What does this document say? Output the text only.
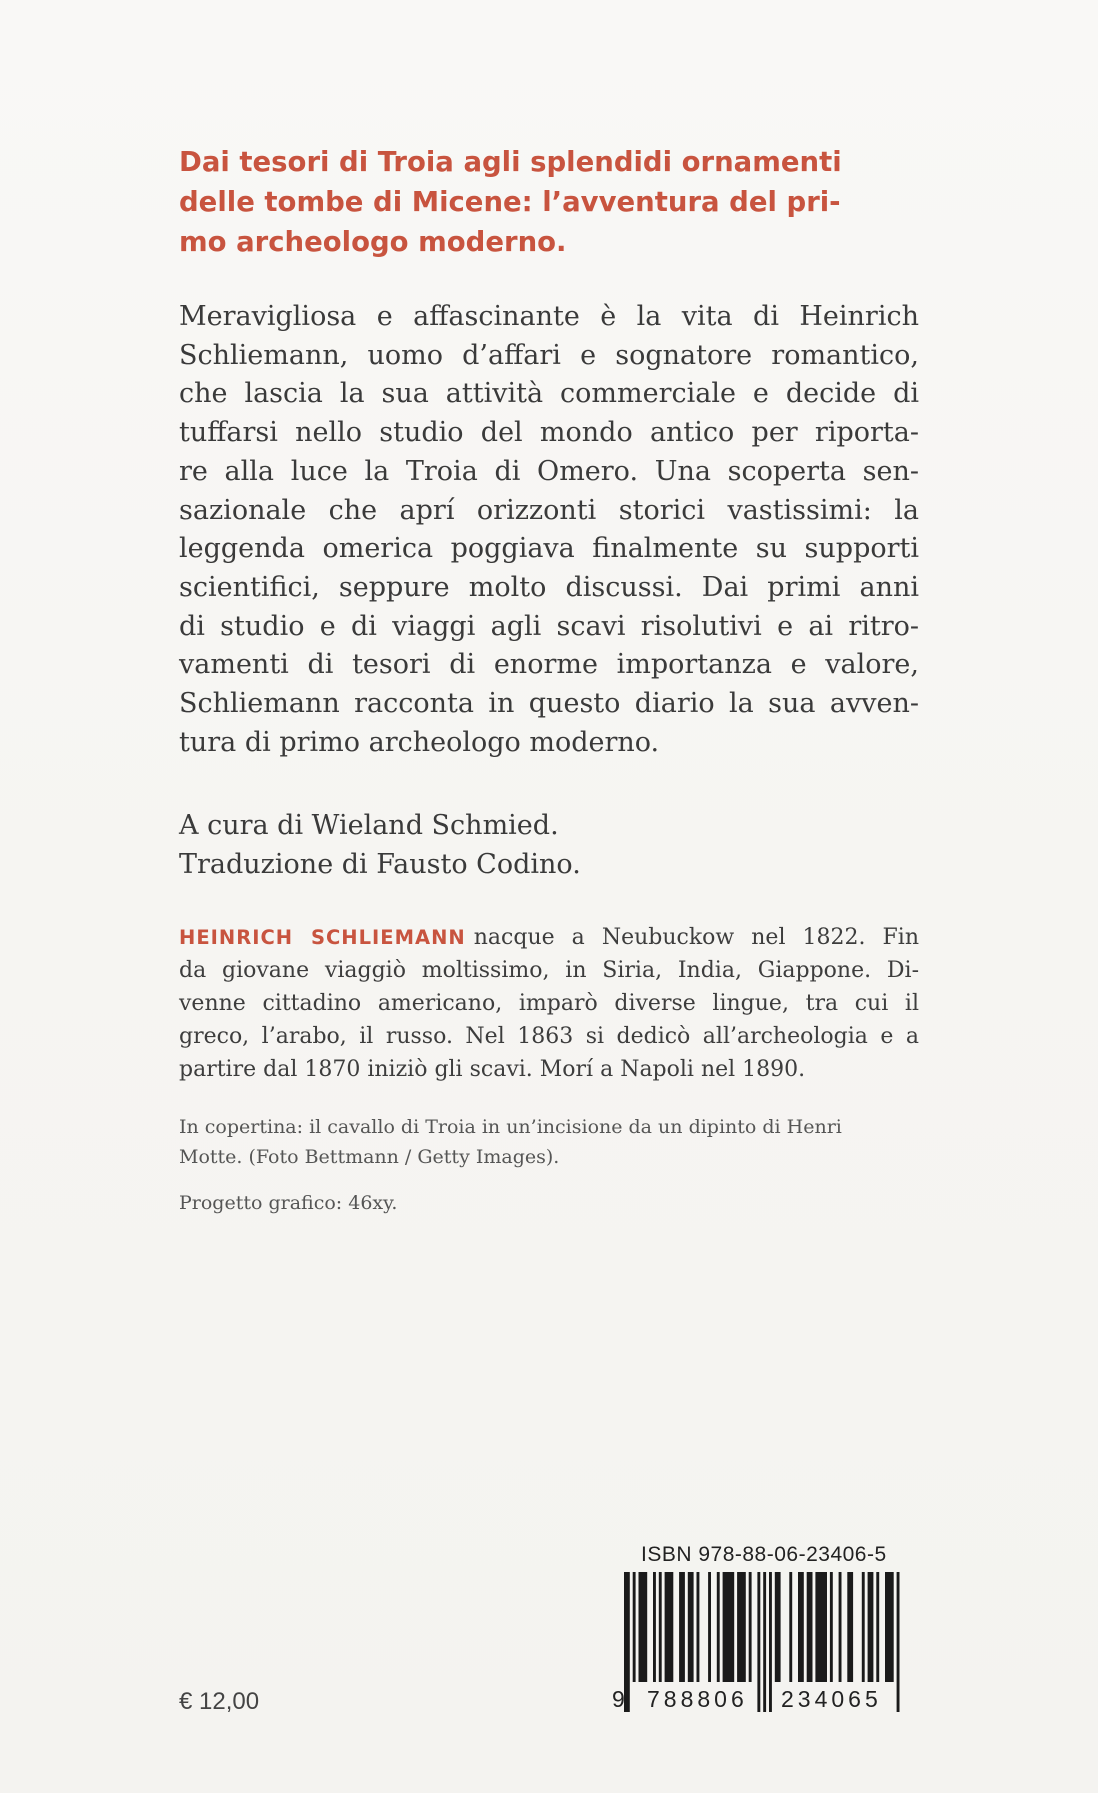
Dai tesori di Troia agli splendidi ornamenti
delle tombe di Micene: l’avventura del pri-
mo archeologo moderno.
Meravigliosa e affascinante è la vita di Heinrich
Schliemann, uomo d’affari e sognatore romantico,
che lascia la sua attività commerciale e decide di
tuffarsi nello studio del mondo antico per riporta-
re alla luce la Troia di Omero. Una scoperta sen-
sazionale che aprí orizzonti storici vastissimi: la
leggenda omerica poggiava finalmente su supporti
scientifici, seppure molto discussi. Dai primi anni
di studio e di viaggi agli scavi risolutivi e ai ritro-
vamenti di tesori di enorme importanza e valore,
Schliemann racconta in questo diario la sua avven-
tura di primo archeologo moderno.
A cura di Wieland Schmied.
Traduzione di Fausto Codino.
HEINRICH SCHLIEMANN nacque a Neubuckow nel 1822. Fin
da giovane viaggiò moltissimo, in Siria, India, Giappone. Di-
venne cittadino americano, imparò diverse lingue, tra cui il
greco, l’arabo, il russo. Nel 1863 si dedicò all’archeologia e a
partire dal 1870 iniziò gli scavi. Morí a Napoli nel 1890.
In copertina: il cavallo di Troia in un’incisione da un dipinto di Henri
Motte. (Foto Bettmann / Getty Images).
Progetto grafico: 46xy.
€ 12,00
ISBN 978-88-06-23406-5
9 788806 234065
